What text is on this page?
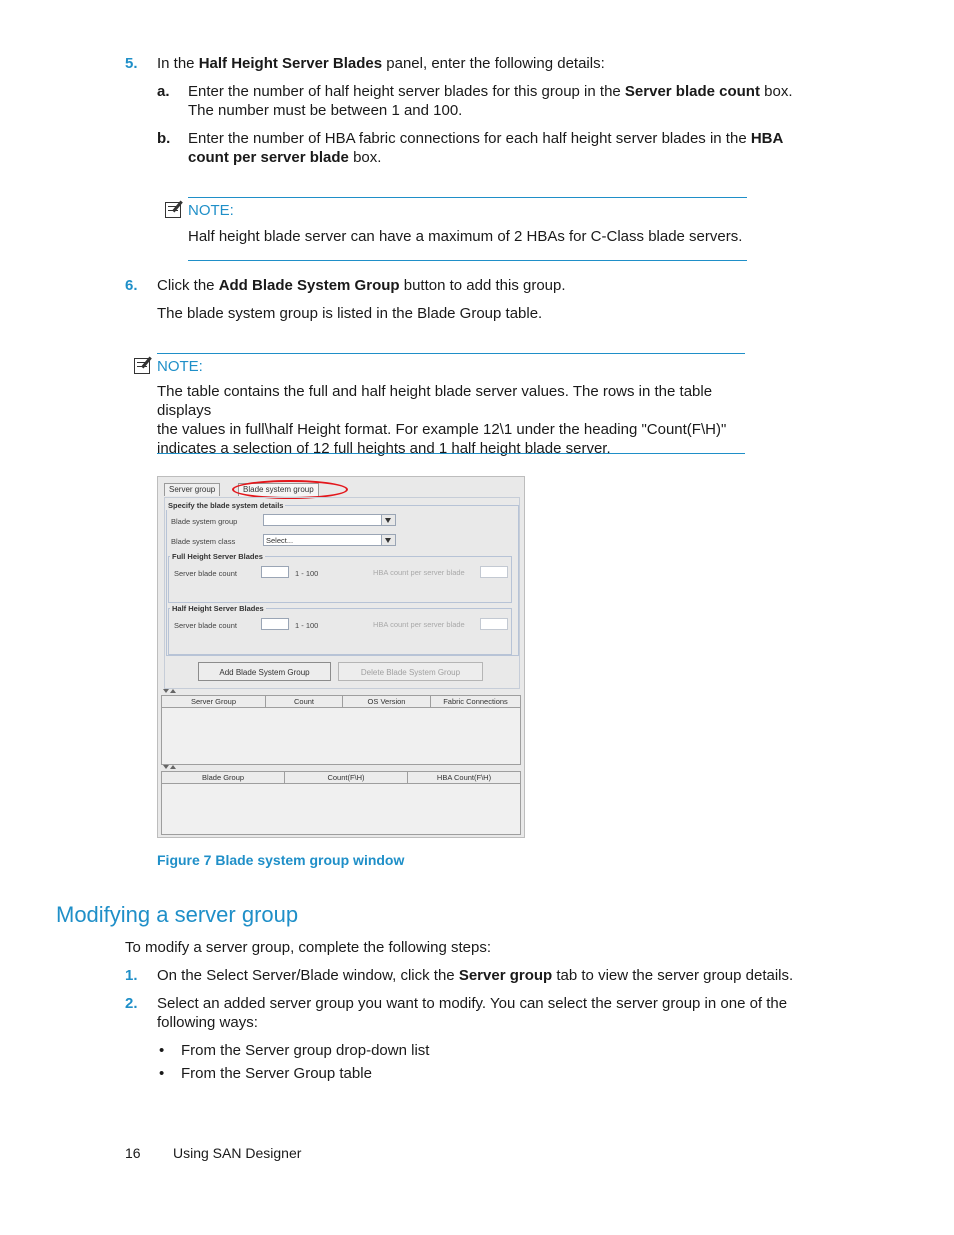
5. In the Half Height Server Blades panel, enter the following details:
a. Enter the number of half height server blades for this group in the Server blade count box.
The number must be between 1 and 100.
b. Enter the number of HBA fabric connections for each half height server blades in the HBA
count per server blade box.
NOTE:
Half height blade server can have a maximum of 2 HBAs for C-Class blade servers.
6. Click the Add Blade System Group button to add this group.
The blade system group is listed in the Blade Group table.
NOTE:
The table contains the full and half height blade server values. The rows in the table displays
the values in full\half Height format. For example 12\1 under the heading "Count(F\H)"
indicates a selection of 12 full heights and 1 half height blade server.
Server group	Blade system group
Specify the blade system details
Blade system group
Blade system class	Select...
Full Height Server Blades
Server blade count	1 - 100	HBA count per server blade
Half Height Server Blades
Server blade count	1 - 100	HBA count per server blade
Add Blade System Group	Delete Blade System Group
Server Group	Count	OS Version	Fabric Connections
Blade Group	Count(F\H)	HBA Count(F\H)
Figure 7 Blade system group window
Modifying a server group
To modify a server group, complete the following steps:
1. On the Select Server/Blade window, click the Server group tab to view the server group details.
2. Select an added server group you want to modify. You can select the server group in one of the
following ways:
• From the Server group drop-down list
• From the Server Group table
16 Using SAN Designer
